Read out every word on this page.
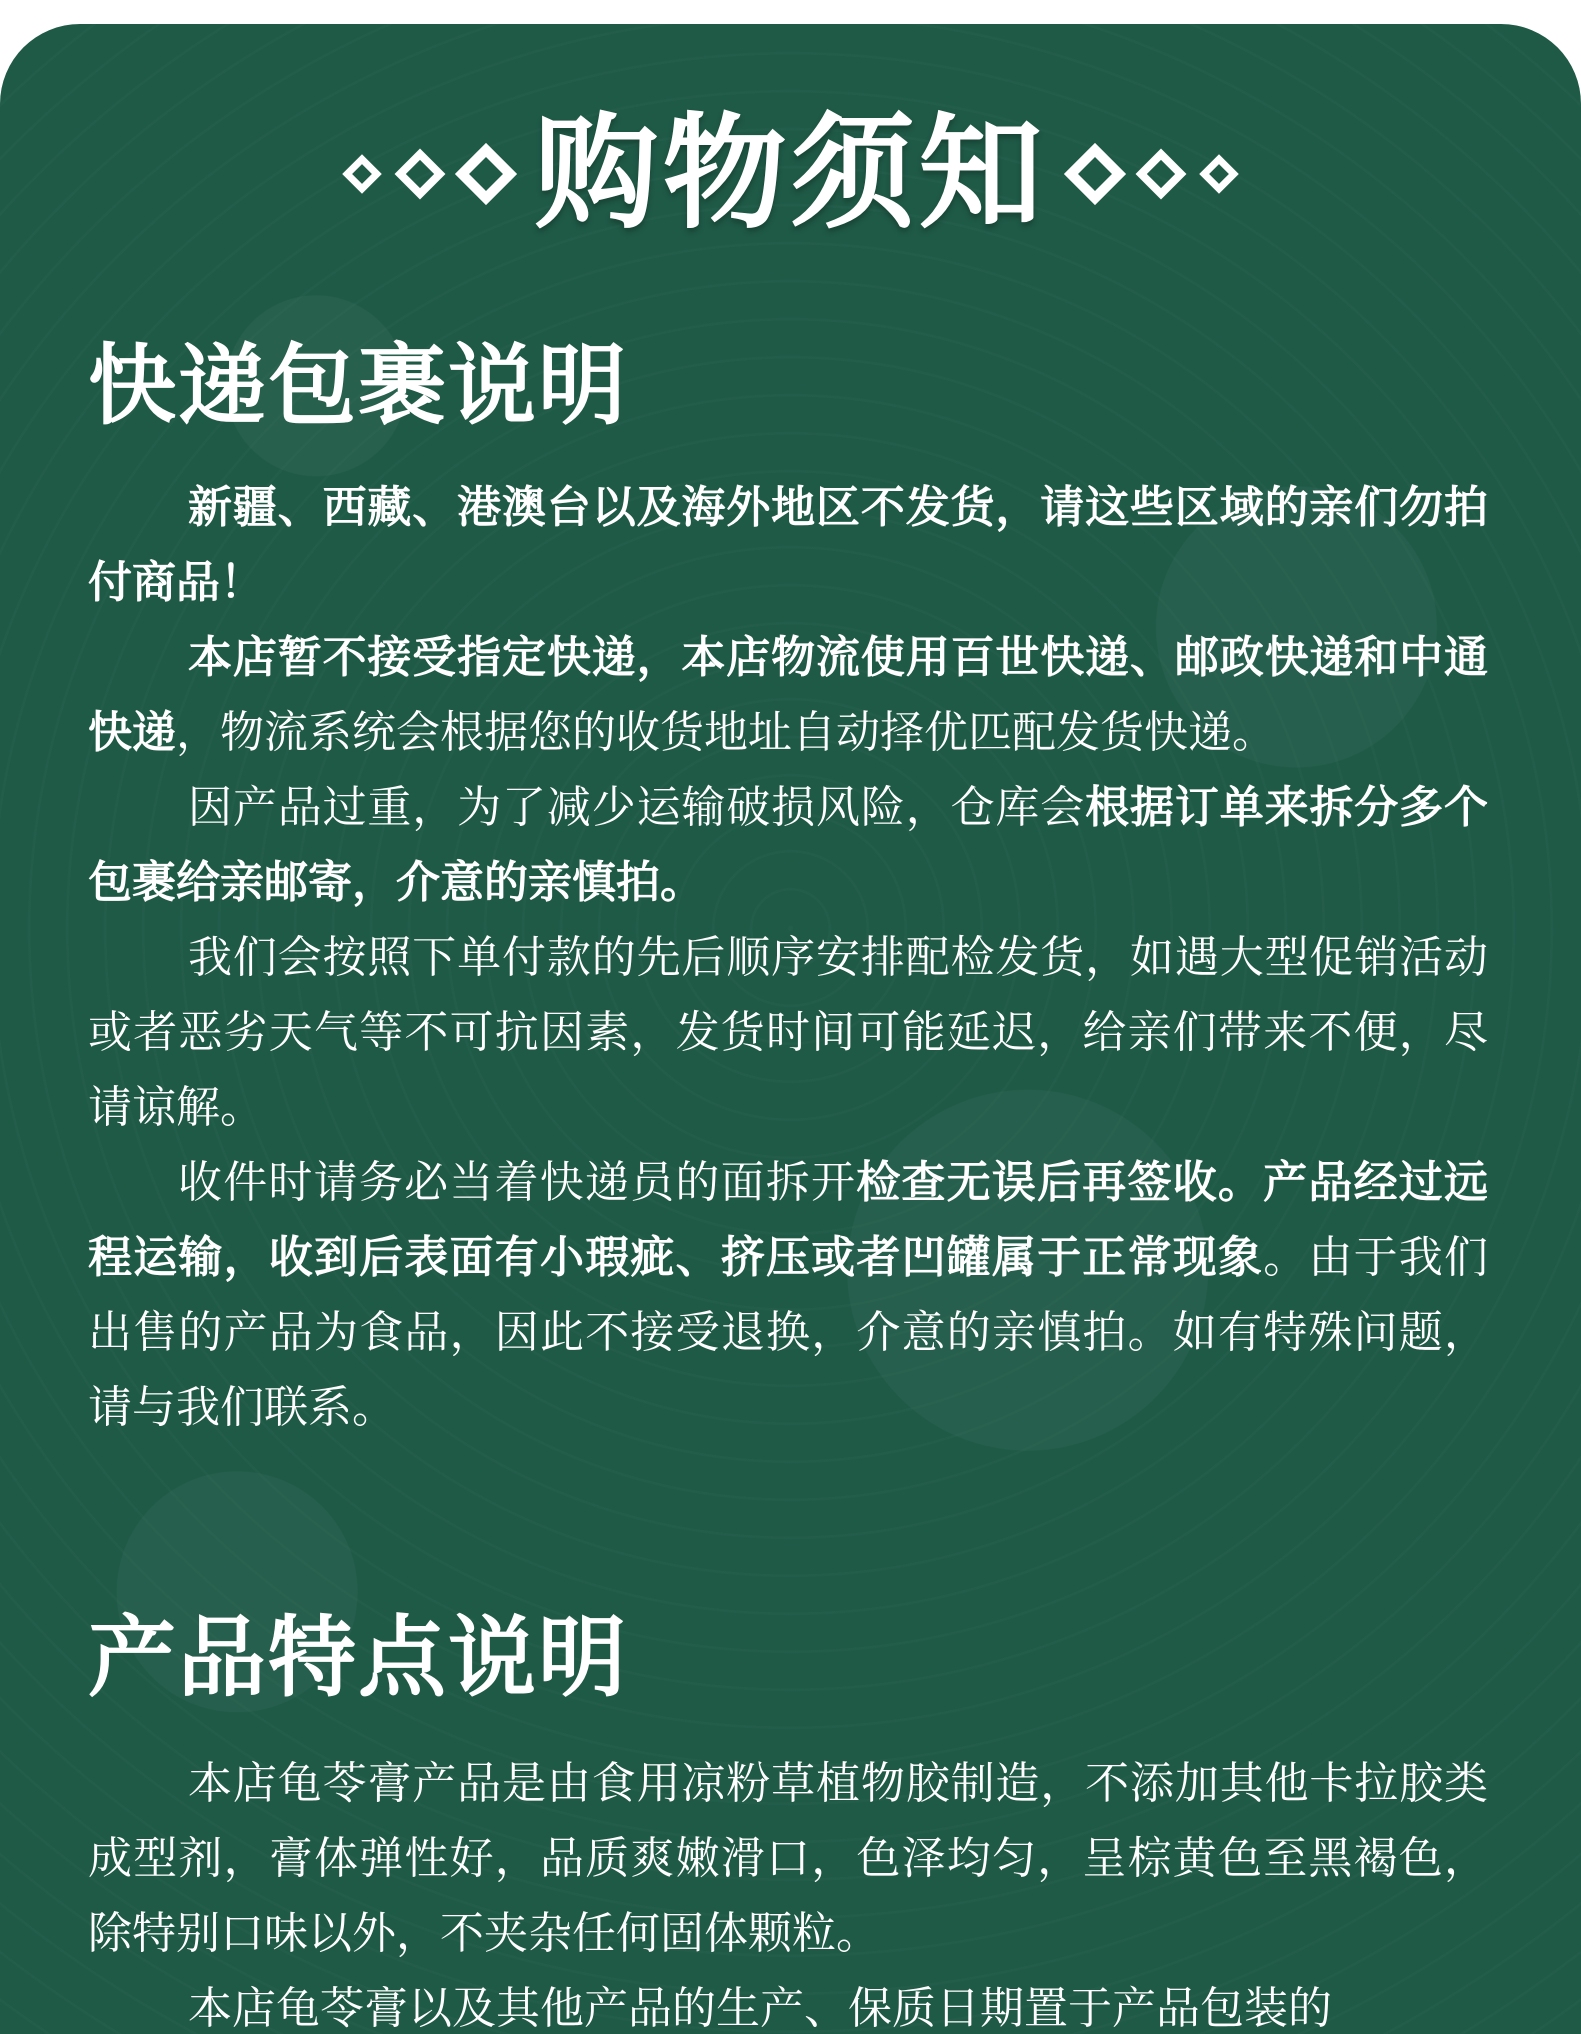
购物须知
快递包裹说明

新疆、西藏、港澳台以及海外地区不发货，请这些区域的亲们勿拍付商品！

本店暂不接受指定快递，本店物流使用百世快递、邮政快递和中通快递，物流系统会根据您的收货地址自动择优匹配发货快递。

因产品过重，为了减少运输破损风险，仓库会根据订单来拆分多个包裹给亲邮寄，介意的亲慎拍。

我们会按照下单付款的先后顺序安排配检发货，如遇大型促销活动或者恶劣天气等不可抗因素，发货时间可能延迟，给亲们带来不便，尽请谅解。

收件时请务必当着快递员的面拆开检查无误后再签收。产品经过远程运输，收到后表面有小瑕疵、挤压或者凹罐属于正常现象。由于我们出售的产品为食品，因此不接受退换，介意的亲慎拍。如有特殊问题，请与我们联系。

产品特点说明

本店龟苓膏产品是由食用凉粉草植物胶制造，不添加其他卡拉胶类成型剂，膏体弹性好，品质爽嫩滑口，色泽均匀，呈棕黄色至黑褐色，除特别口味以外，不夹杂任何固体颗粒。

本店龟苓膏以及其他产品的生产、保质日期置于产品包装的
